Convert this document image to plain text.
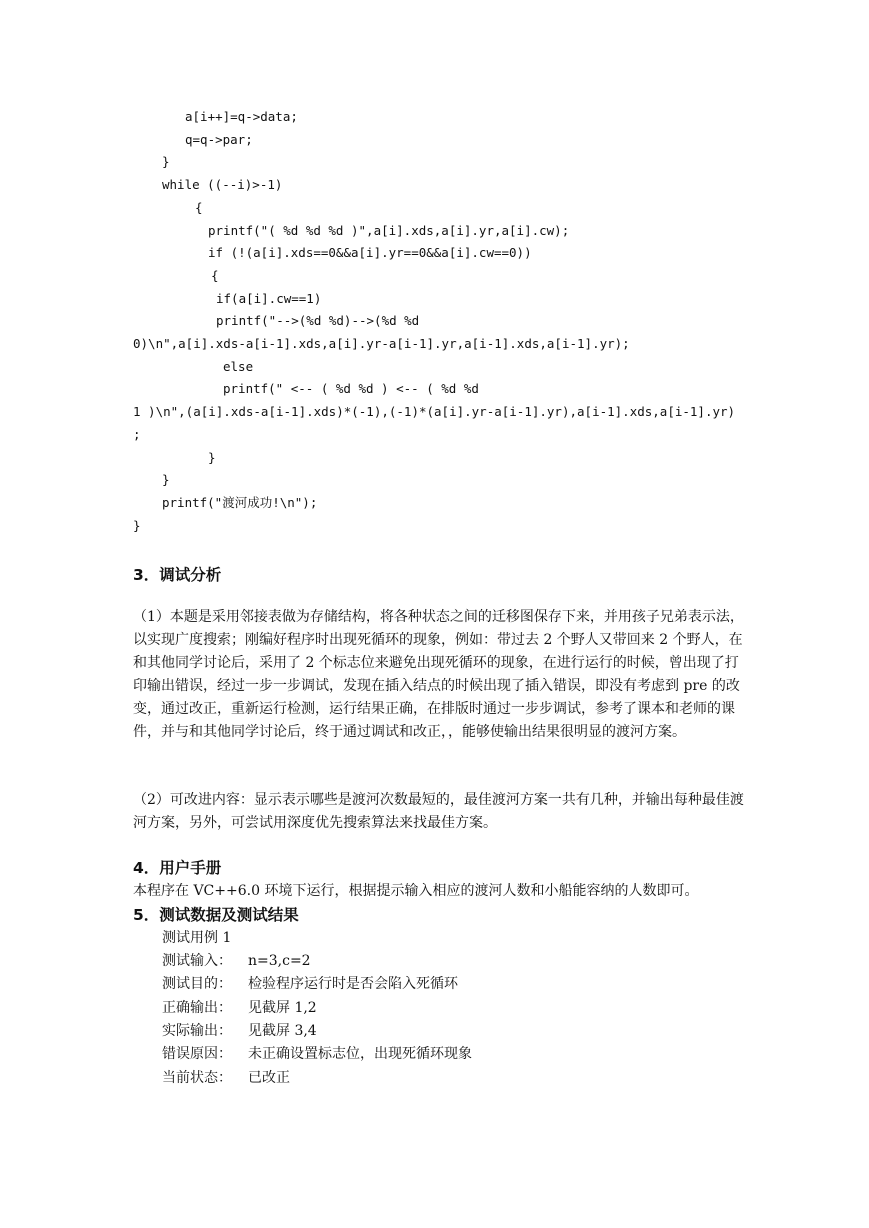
a[i++]=q->data;
q=q->par;
}
while ((--i)>-1)
{
printf("( %d %d %d )",a[i].xds,a[i].yr,a[i].cw);
if (!(a[i].xds==0&&a[i].yr==0&&a[i].cw==0))
{
if(a[i].cw==1)
printf("-->(%d %d)-->(%d %d
0)\n",a[i].xds-a[i-1].xds,a[i].yr-a[i-1].yr,a[i-1].xds,a[i-1].yr);
else
printf(" <-- ( %d %d ) <-- ( %d %d
1 )\n",(a[i].xds-a[i-1].xds)*(-1),(-1)*(a[i].yr-a[i-1].yr),a[i-1].xds,a[i-1].yr)
;
}
}
printf("渡河成功!\n");
}
3．调试分析
（1）本题是采用邻接表做为存储结构，将各种状态之间的迁移图保存下来，并用孩子兄弟表示法，以实现广度搜索；刚编好程序时出现死循环的现象，例如：带过去 2 个野人又带回来 2 个野人，在和其他同学讨论后，采用了 2 个标志位来避免出现死循环的现象，在进行运行的时候，曾出现了打印输出错误，经过一步一步调试，发现在插入结点的时候出现了插入错误，即没有考虑到 pre 的改变，通过改正，重新运行检测，运行结果正确，在排版时通过一步步调试，参考了课本和老师的课件，并与和其他同学讨论后，终于通过调试和改正，，能够使输出结果很明显的渡河方案。
（2）可改进内容：显示表示哪些是渡河次数最短的，最佳渡河方案一共有几种，并输出每种最佳渡河方案，另外，可尝试用深度优先搜索算法来找最佳方案。
4．用户手册
本程序在 VC++6.0 环境下运行，根据提示输入相应的渡河人数和小船能容纳的人数即可。
5．测试数据及测试结果
测试用例 1
测试输入： n=3,c=2
测试目的： 检验程序运行时是否会陷入死循环
正确输出： 见截屏 1,2
实际输出： 见截屏 3,4
错误原因： 未正确设置标志位，出现死循环现象
当前状态： 已改正
